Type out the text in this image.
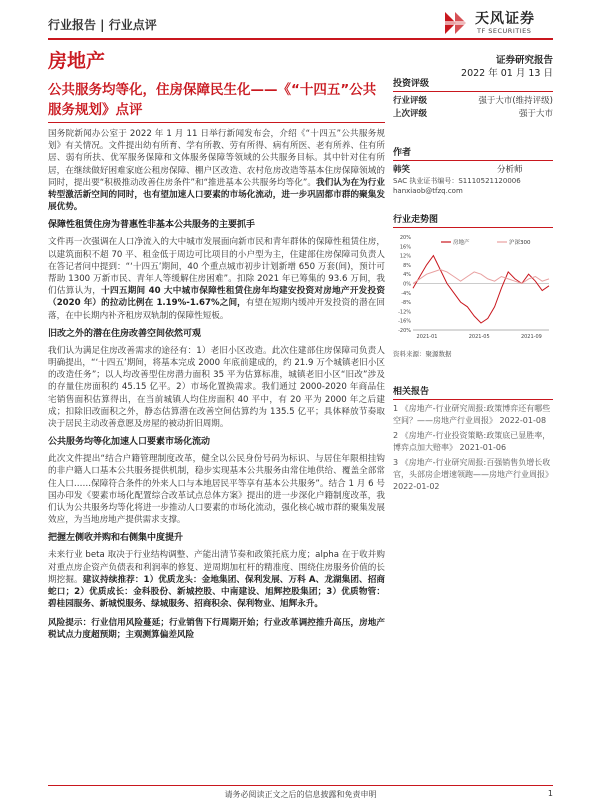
行业报告 | 行业点评	天风证券
TF SECURITIES
房地产	证券研究报告
2022 年 01 月 13 日
公共服务均等化，住房保障民生化——《“十四五”公共服务规划》点评
国务院新闻办公室于 2022 年 1 月 11 日举行新闻发布会，介绍《“十四五”公共服务规划》有关情况。文件提出幼有所育、学有所教、劳有所得、病有所医、老有所养、住有所居、弱有所扶、优军服务保障和文体服务保障等领域的公共服务目标。其中针对住有所居，在继续做好困难家庭公租房保障、棚户区改造、农村危房改造等基本住房保障领域的同时，提出要“积极推动改善住房条件”和“推进基本公共服务均等化”。我们认为在为行业转型激活新空间的同时，也有望加速人口要素的市场化流动，进一步巩固都市群的聚集发展优势。
保障性租赁住房为普惠性非基本公共服务的主要抓手
文件再一次强调在人口净流入的大中城市发展面向新市民和青年群体的保障性租赁住房，以建筑面积不超 70 平、租金低于周边可比项目的小户型为主，住建部住房保障司负责人在答记者问中提到：“‘十四五’期间，40 个重点城市初步计划新增 650 万套(间)，预计可帮助 1300 万新市民、青年人等缓解住房困难”。扣除 2021 年已筹集的 93.6 万间，我们估算认为，十四五期间 40 大中城市保障性租赁住房年均建安投资对房地产开发投资（2020 年）的拉动比例在 1.19%-1.67%之间，有望在短期内缓冲开发投资的潜在回落，在中长期内补齐租房双轨制的保障性短板。
旧改之外的潜在住房改善空间依然可观
我们认为满足住房改善需求的途径有：1）老旧小区改造。此次住建部住房保障司负责人明确提出，“‘十四五’期间，将基本完成 2000 年底前建成的，约 21.9 万个城镇老旧小区的改造任务”；以人均改善型住房潜力面积 35 平为估算标准，城镇老旧小区“旧改”涉及的存量住房面积约 45.15 亿平。2）市场化置换需求。我们通过 2000-2020 年商品住宅销售面积估算得出，在当前城镇人均住房面积 40 平中，有 20 平为 2000 年之后建成；扣除旧改面积之外，静态估算潜在改善空间估算约为 135.5 亿平；具体释放节奏取决于居民主动改善意愿及房屋的被动折旧周期。
公共服务均等化加速人口要素市场化流动
此次文件提出“结合户籍管理制度改革，健全以公民身份号码为标识、与居住年限相挂钩的非户籍人口基本公共服务提供机制，稳步实现基本公共服务由常住地供给、覆盖全部常住人口……保障符合条件的外来人口与本地居民平等享有基本公共服务”。结合 1 月 6 号国办印发《要素市场化配置综合改革试点总体方案》提出的进一步深化户籍制度改革，我们认为公共服务均等化将进一步推动人口要素的市场化流动，强化核心城市群的聚集发展效应，为当地房地产提供需求支撑。
把握左侧收并购和右侧集中度提升
未来行业 beta 取决于行业结构调整、产能出清节奏和政策托底力度；alpha 在于收并购对重点房企资产负债表和利润率的修复、逆周期加杠杆的精准度、围绕住房服务价值的长期挖掘。建议持续推荐：1）优质龙头：金地集团、保利发展、万科 A、龙湖集团、招商蛇口；2）优质成长：金科股份、新城控股、中南建设、旭辉控股集团；3）优质物管：碧桂园服务、新城悦服务、绿城服务、招商积余、保利物业、旭辉永升。
风险提示：行业信用风险蔓延；行业销售下行周期开始；行业改革调控推升高压，房地产税试点力度超预期；主观测算偏差风险
投资评级
行业评级	强于大市(维持评级)
上次评级	强于大市
作者
韩笑	分析师
SAC 执业证书编号：S1110521120006
hanxiaob@tfzq.com
行业走势图
20%
16%
12%
8%
4%
0%
-4%
-8%
-12%
-16%
-20%
2021-01	2021-05	2021-09
房地产	沪深300
资料来源：聚源数据
相关报告
1 《房地产-行业研究周报:政策博弈还有哪些空间？——房地产行业周报》 2022-01-08
2 《房地产-行业投资策略:政策底已显胜率，博弈点加大赔率》 2021-01-06
3 《房地产-行业研究周报:百强销售负增长收官，头部房企增速领跑——房地产行业周报》 2022-01-02
请务必阅读正文之后的信息披露和免责申明	1
